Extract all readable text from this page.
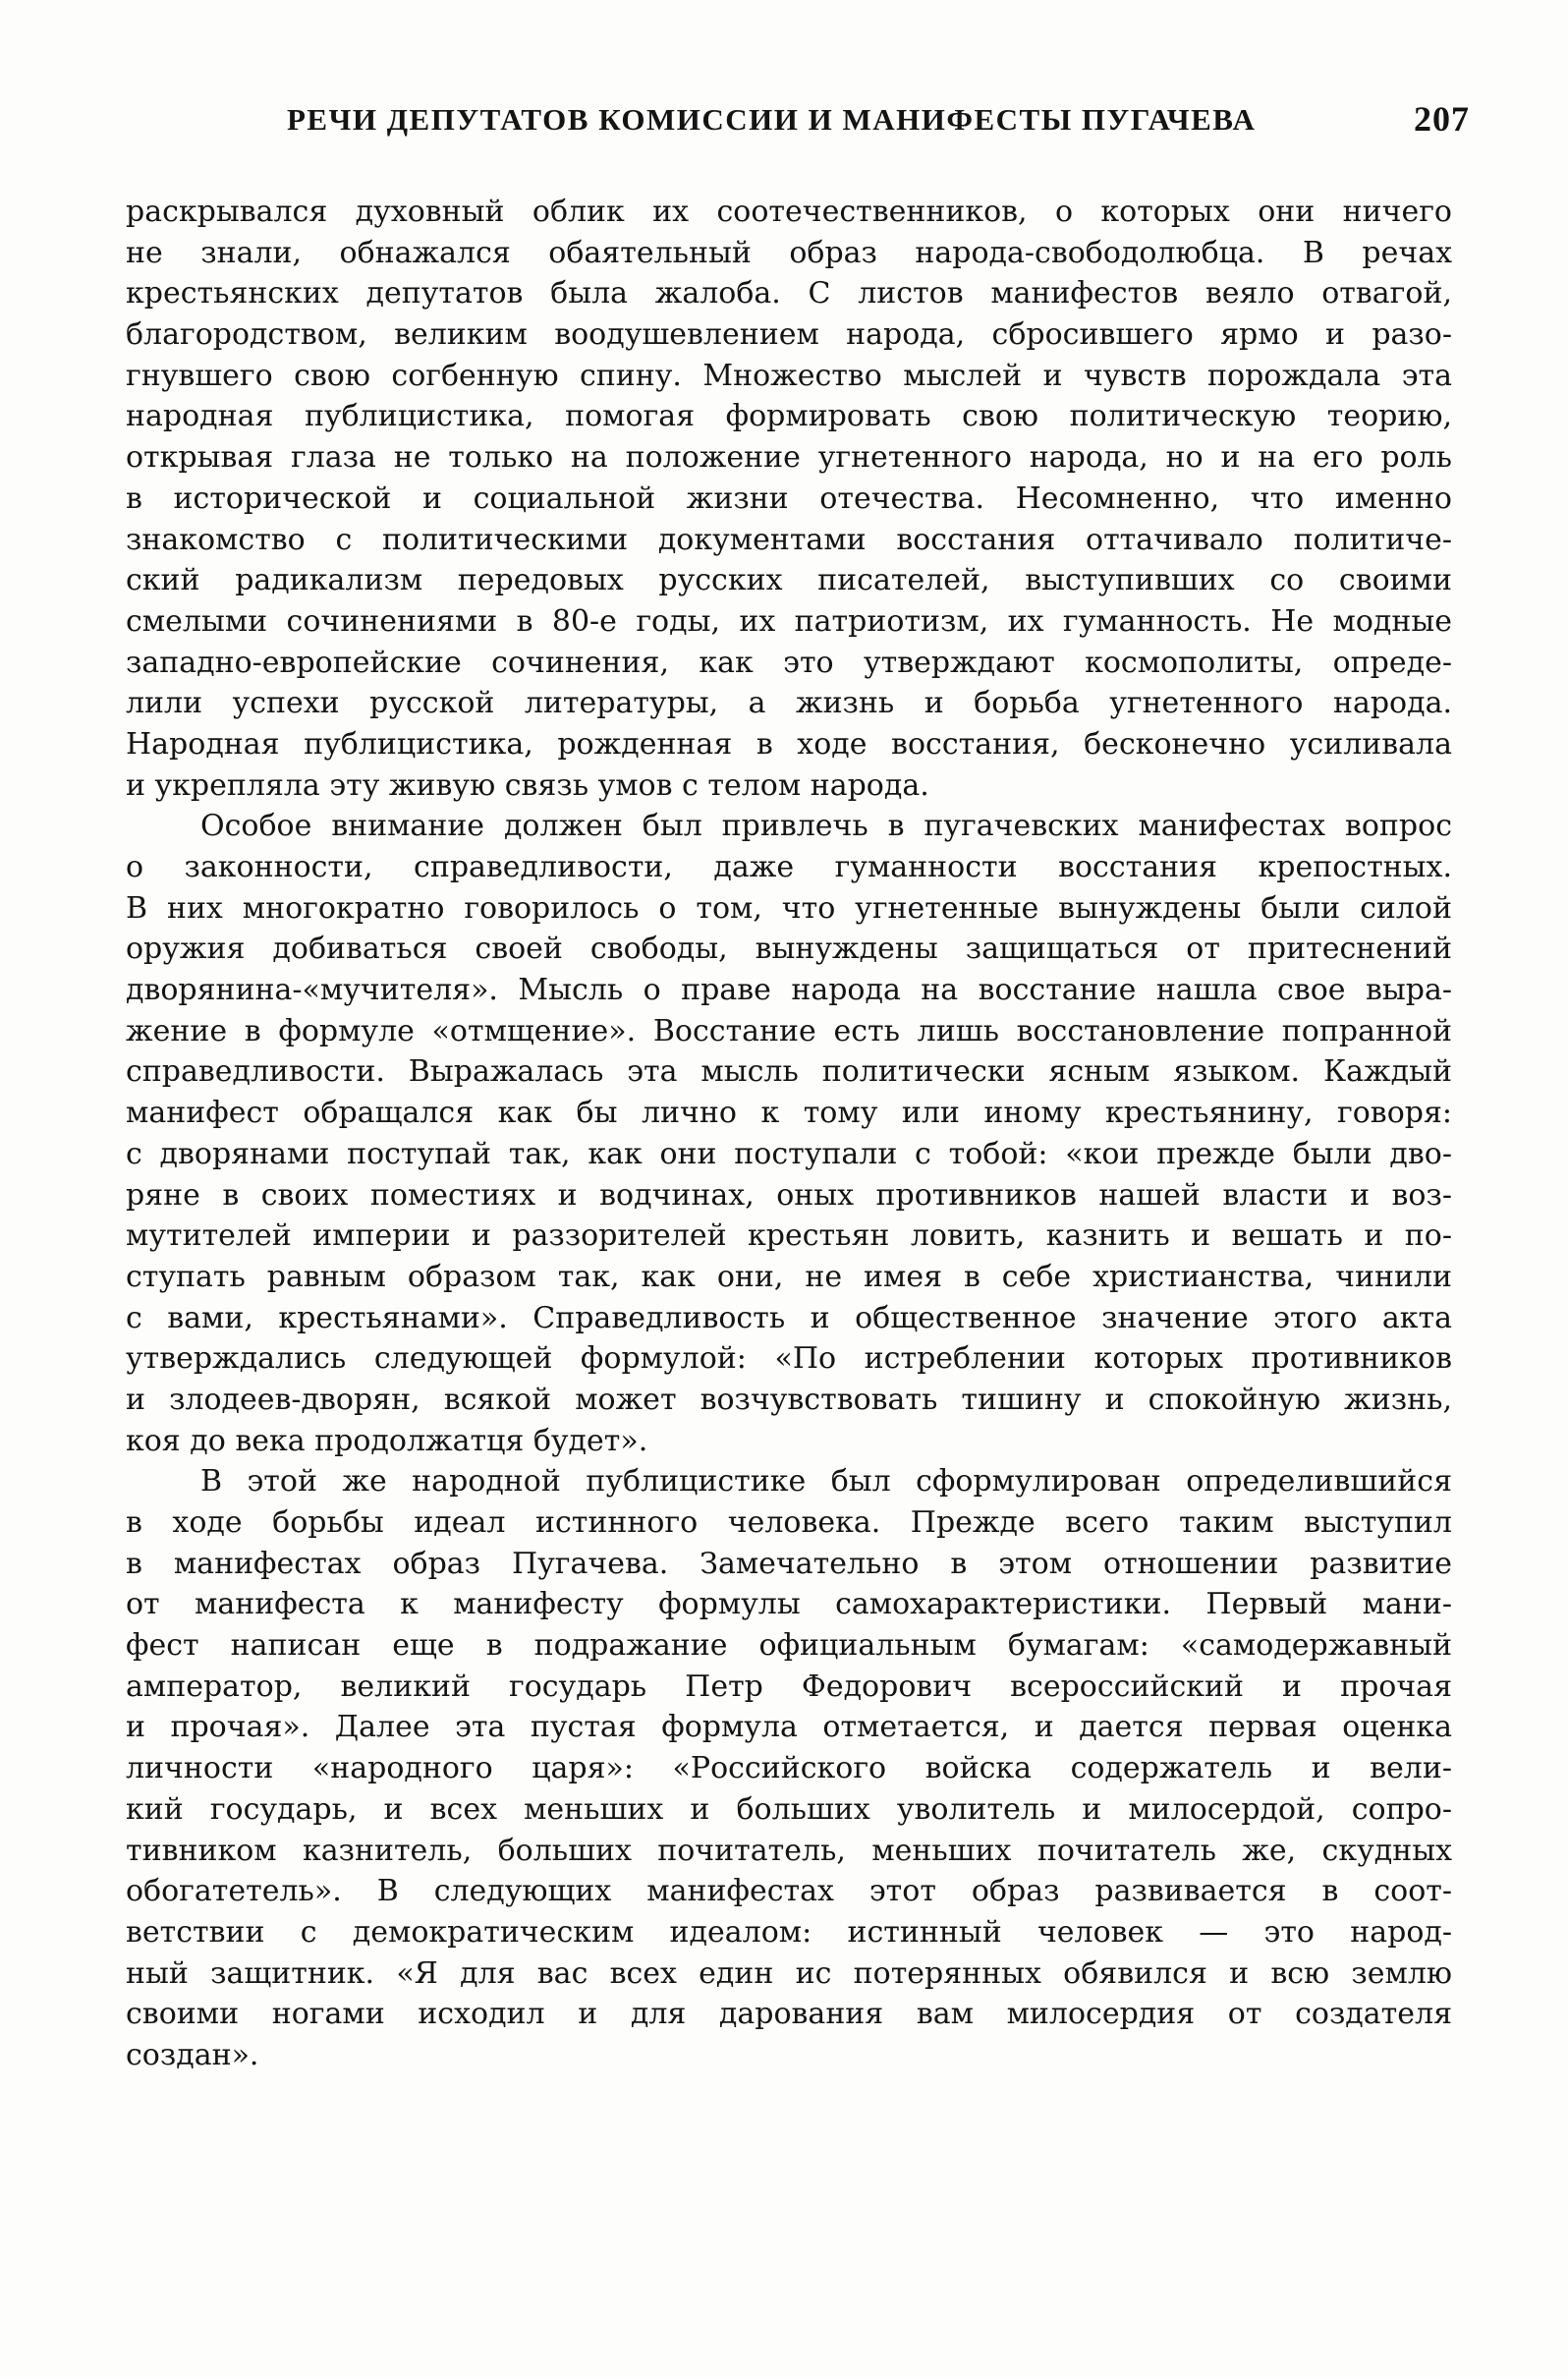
РЕЧИ ДЕПУТАТОВ КОМИССИИ И МАНИФЕСТЫ ПУГАЧЕВА	207
раскрывался духовный облик их соотечественников, о которых они ничего
не знали, обнажался обаятельный образ народа-свободолюбца. В речах
крестьянских депутатов была жалоба. С листов манифестов веяло отвагой,
благородством, великим воодушевлением народа, сбросившего ярмо и разо-
гнувшего свою согбенную спину. Множество мыслей и чувств порождала эта
народная публицистика, помогая формировать свою политическую теорию,
открывая глаза не только на положение угнетенного народа, но и на его роль
в исторической и социальной жизни отечества. Несомненно, что именно
знакомство с политическими документами восстания оттачивало политиче-
ский радикализм передовых русских писателей, выступивших со своими
смелыми сочинениями в 80-е годы, их патриотизм, их гуманность. Не модные
западно-европейские сочинения, как это утверждают космополиты, опреде-
лили успехи русской литературы, а жизнь и борьба угнетенного народа.
Народная публицистика, рожденная в ходе восстания, бесконечно усиливала
и укрепляла эту живую связь умов с телом народа.
Особое внимание должен был привлечь в пугачевских манифестах вопрос
о законности, справедливости, даже гуманности восстания крепостных.
В них многократно говорилось о том, что угнетенные вынуждены были силой
оружия добиваться своей свободы, вынуждены защищаться от притеснений
дворянина-«мучителя». Мысль о праве народа на восстание нашла свое выра-
жение в формуле «отмщение». Восстание есть лишь восстановление попранной
справедливости. Выражалась эта мысль политически ясным языком. Каждый
манифест обращался как бы лично к тому или иному крестьянину, говоря:
с дворянами поступай так, как они поступали с тобой: «кои прежде были дво-
ряне в своих поместиях и водчинах, оных противников нашей власти и воз-
мутителей империи и раззорителей крестьян ловить, казнить и вешать и по-
ступать равным образом так, как они, не имея в себе христианства, чинили
с вами, крестьянами». Справедливость и общественное значение этого акта
утверждались следующей формулой: «По истреблении которых противников
и злодеев-дворян, всякой может возчувствовать тишину и спокойную жизнь,
коя до века продолжатця будет».
В этой же народной публицистике был сформулирован определившийся
в ходе борьбы идеал истинного человека. Прежде всего таким выступил
в манифестах образ Пугачева. Замечательно в этом отношении развитие
от манифеста к манифесту формулы самохарактеристики. Первый мани-
фест написан еще в подражание официальным бумагам: «самодержавный
амператор, великий государь Петр Федорович всероссийский и прочая
и прочая». Далее эта пустая формула отметается, и дается первая оценка
личности «народного царя»: «Российского войска содержатель и вели-
кий государь, и всех меньших и больших уволитель и милосердой, сопро-
тивником казнитель, больших почитатель, меньших почитатель же, скудных
обогатетель». В следующих манифестах этот образ развивается в соот-
ветствии с демократическим идеалом: истинный человек — это народ-
ный защитник. «Я для вас всех един ис потерянных обявился и всю землю
своими ногами исходил и для дарования вам милосердия от создателя
создан».
